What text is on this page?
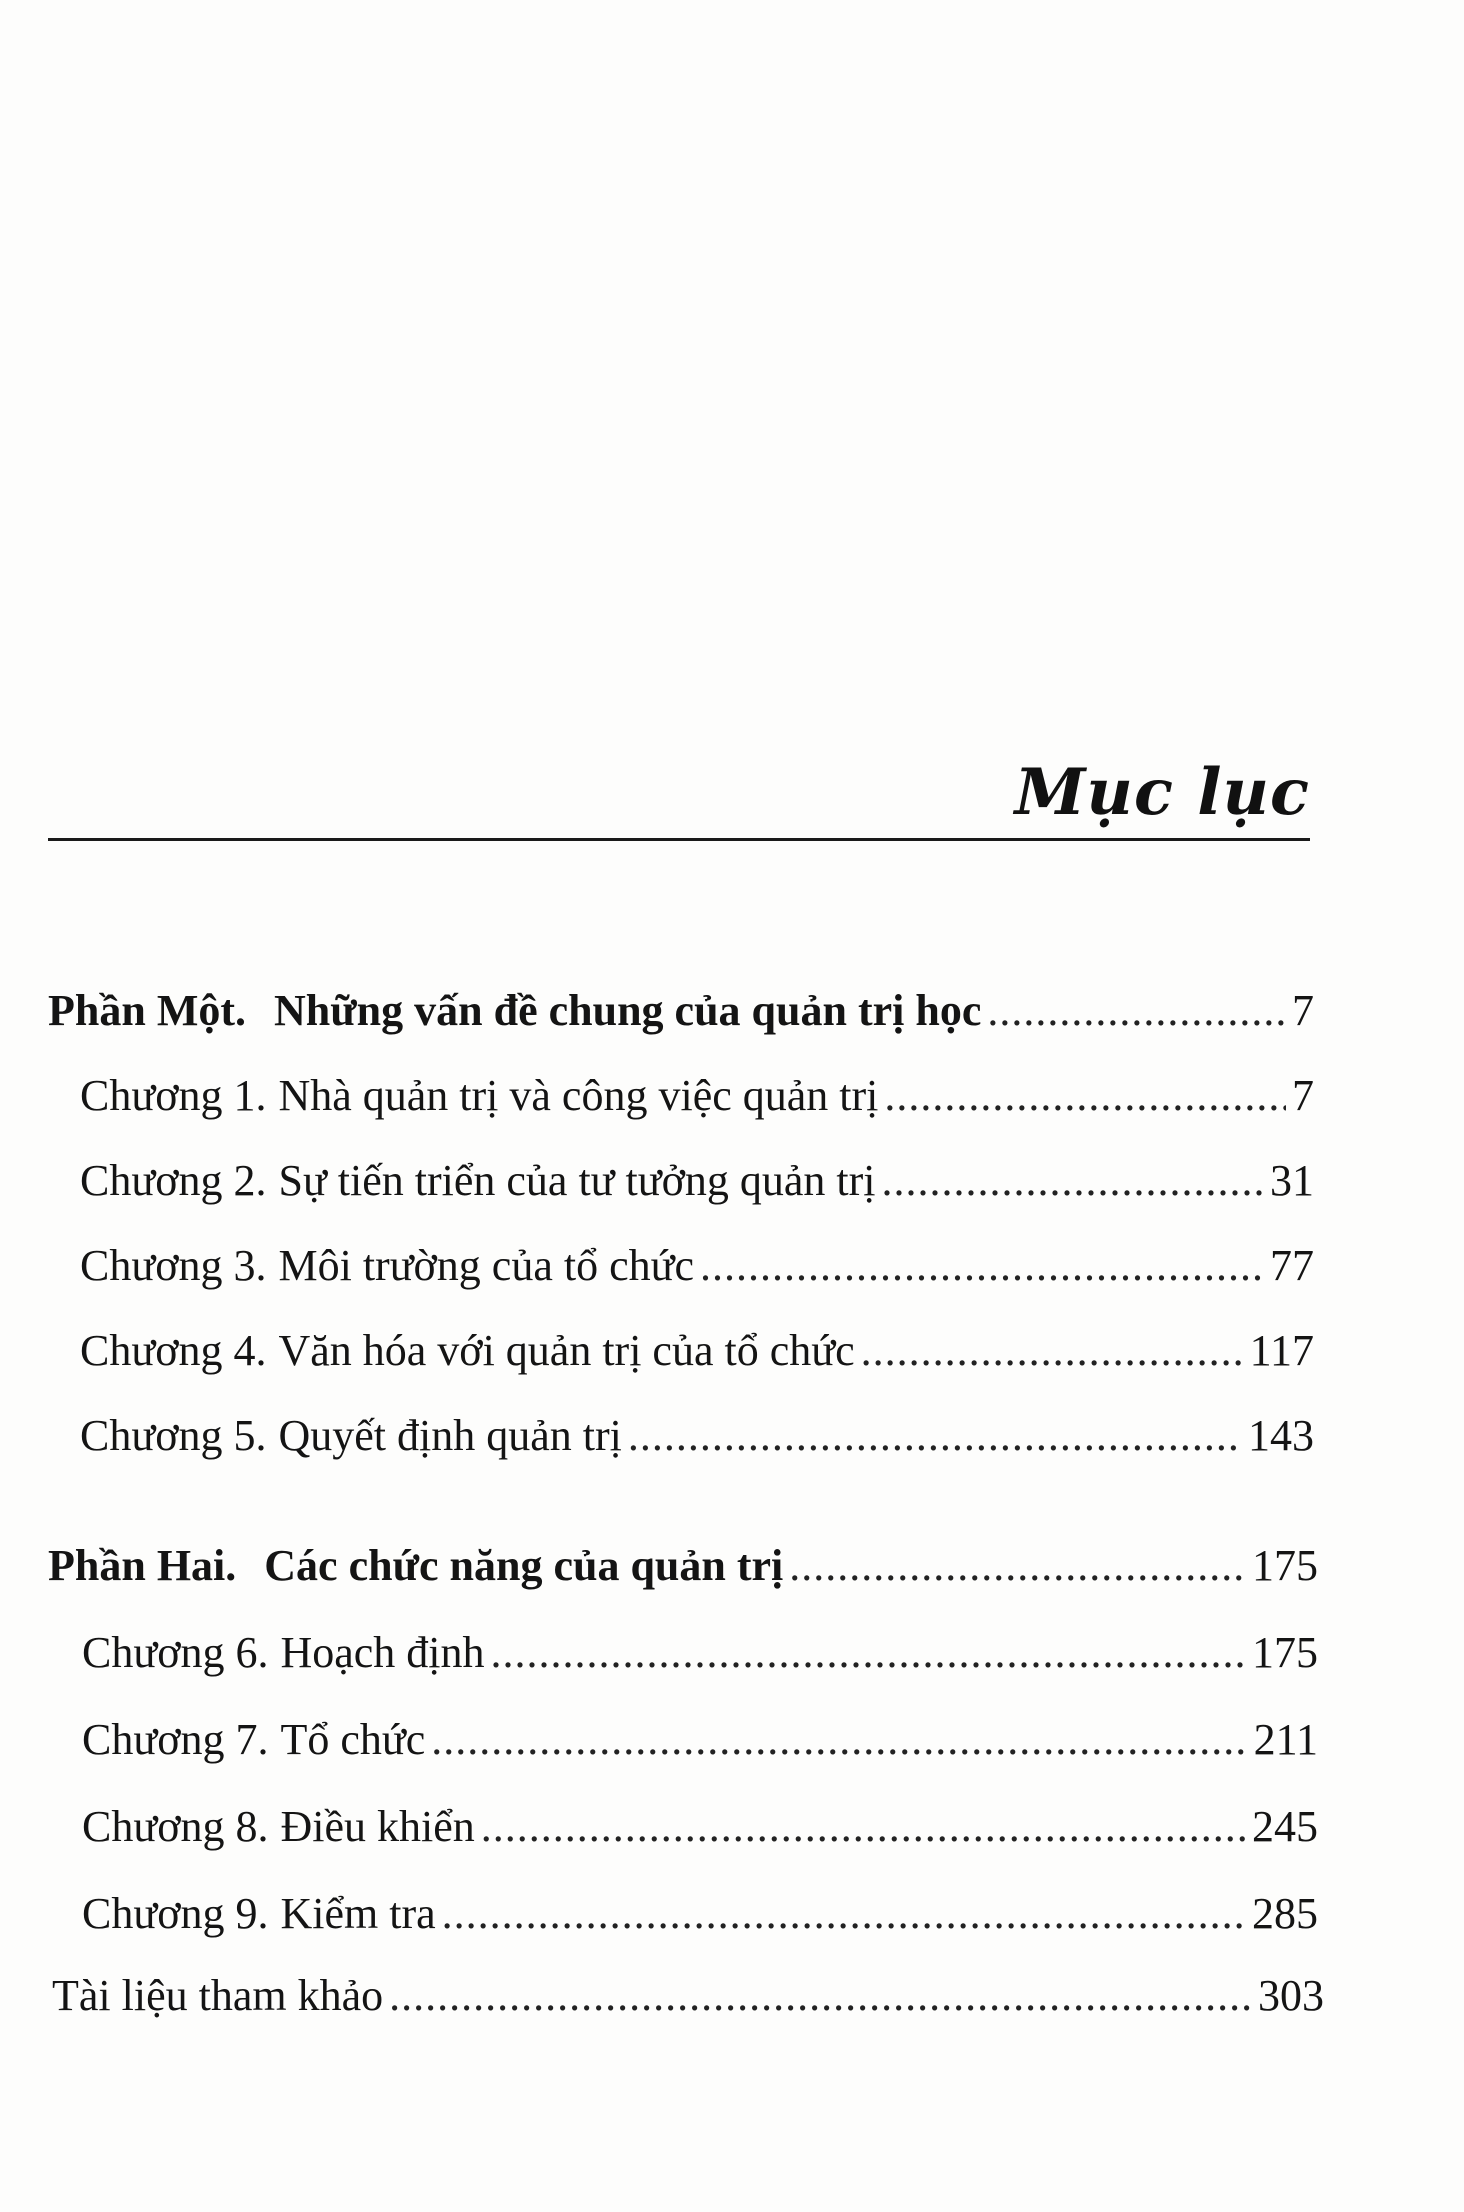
Mục lục
Phần Một. Những vấn đề chung của quản trị học .....	7
Chương 1. Nhà quản trị và công việc quản trị .....	7
Chương 2. Sự tiến triển của tư tưởng quản trị .....	31
Chương 3. Môi trường của tổ chức .....	77
Chương 4. Văn hóa với quản trị của tổ chức .....	117
Chương 5. Quyết định quản trị .....	143
Phần Hai. Các chức năng của quản trị .....	175
Chương 6. Hoạch định .....	175
Chương 7. Tổ chức .....	211
Chương 8. Điều khiển .....	245
Chương 9. Kiểm tra .....	285
Tài liệu tham khảo .....	303
